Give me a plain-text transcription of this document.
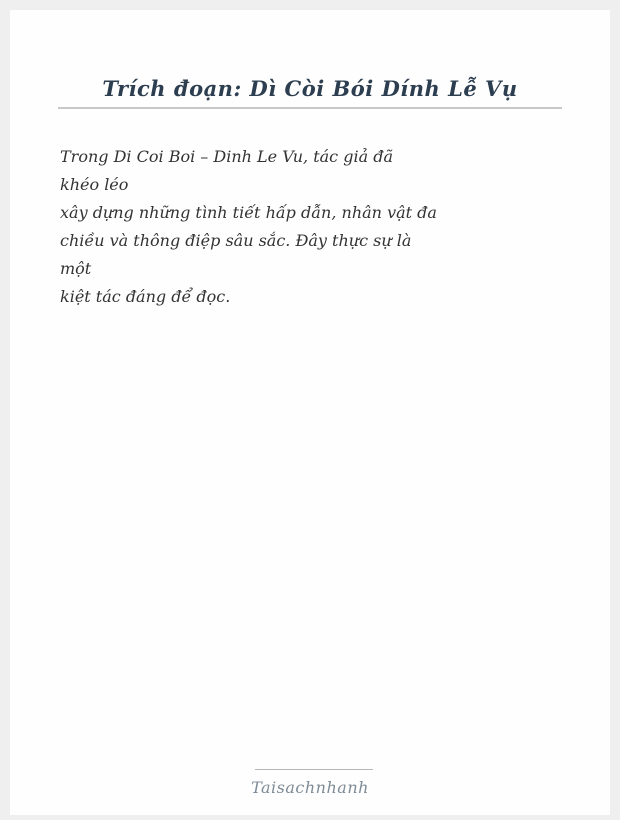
Trích đoạn: Dì Còi Bói Dính Lễ Vụ
Trong Di Coi Boi – Dinh Le Vu, tác giả đã
khéo léo
xây dựng những tình tiết hấp dẫn, nhân vật đa
chiều và thông điệp sâu sắc. Đây thực sự là
một
kiệt tác đáng để đọc.
Taisachnhanh
